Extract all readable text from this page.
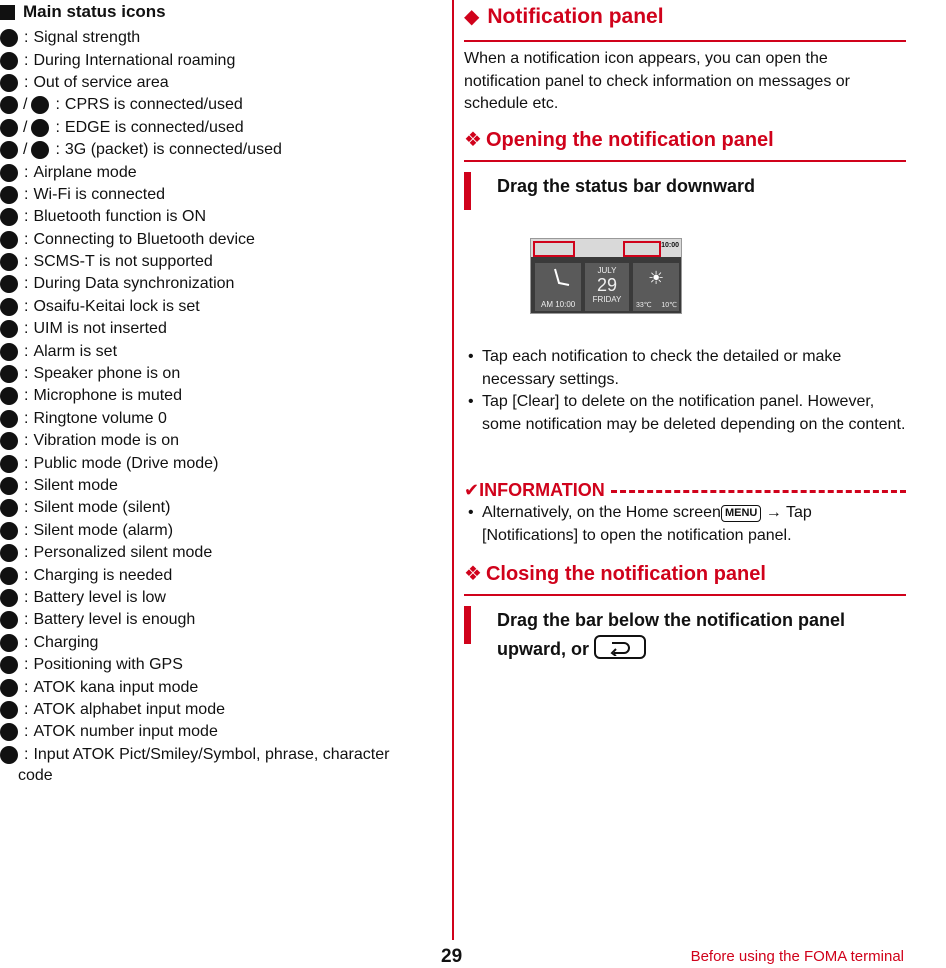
Main status icons
: Signal strength
: During International roaming
: Out of service area
/ : CPRS is connected/used
/ : EDGE is connected/used
/ : 3G (packet) is connected/used
: Airplane mode
: Wi-Fi is connected
: Bluetooth function is ON
: Connecting to Bluetooth device
: SCMS-T is not supported
: During Data synchronization
: Osaifu-Keitai lock is set
: UIM is not inserted
: Alarm is set
: Speaker phone is on
: Microphone is muted
: Ringtone volume 0
: Vibration mode is on
: Public mode (Drive mode)
: Silent mode
: Silent mode (silent)
: Silent mode (alarm)
: Personalized silent mode
: Charging is needed
: Battery level is low
: Battery level is enough
: Charging
: Positioning with GPS
: ATOK kana input mode
: ATOK alphabet input mode
: ATOK number input mode
: Input ATOK Pict/Smiley/Symbol, phrase, character
code
◆ Notification panel
When a notification icon appears, you can open the notification panel to check information on messages or schedule etc.
❖ Opening the notification panel
Drag the status bar downward
• Tap each notification to check the detailed or make necessary settings.
• Tap [Clear] to delete on the notification panel. However, some notification may be deleted depending on the content.
✔ INFORMATION
• Alternatively, on the Home screen MENU → Tap [Notifications] to open the notification panel.
❖ Closing the notification panel
Drag the bar below the notification panel
upward, or
10:00
AM 10:00
JULY
29
FRIDAY
☀
33℃ 10℃
29	Before using the FOMA terminal
